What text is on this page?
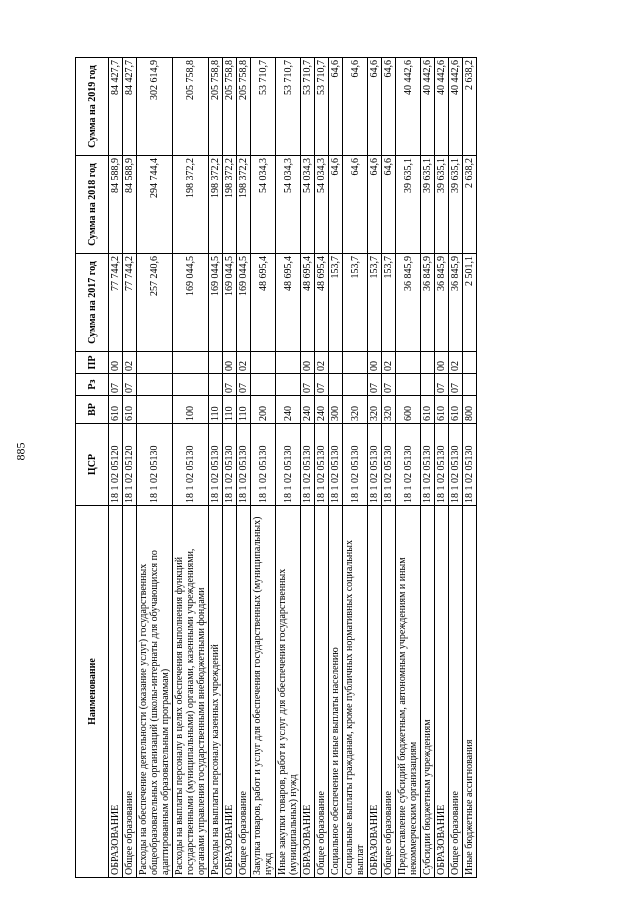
885
Наименование	ЦСР	ВР	Рз	ПР	Сумма на 2017 год	Сумма на 2018 год	Сумма на 2019 год
ОБРАЗОВАНИЕ	18 1 02 05120	610	07	00	77 744,2	84 588,9	84 427,7
Общее образование	18 1 02 05120	610	07	02	77 744,2	84 588,9	84 427,7
Расходы на обеспечение деятельности (оказание услуг) государственных общеобразовательных организаций (школы-интернаты для обучающихся по адаптированным образовательным программам)	18 1 02 05130				257 240,6	294 744,4	302 614,9
Расходы на выплаты персоналу в целях обеспечения выполнения функций государственными (муниципальными) органами, казенными учреждениями, органами управления государственными внебюджетными фондами	18 1 02 05130	100			169 044,5	198 372,2	205 758,8
Расходы на выплаты персоналу казенных учреждений	18 1 02 05130	110			169 044,5	198 372,2	205 758,8
ОБРАЗОВАНИЕ	18 1 02 05130	110	07	00	169 044,5	198 372,2	205 758,8
Общее образование	18 1 02 05130	110	07	02	169 044,5	198 372,2	205 758,8
Закупка товаров, работ и услуг для обеспечения государственных (муниципальных) нужд	18 1 02 05130	200			48 695,4	54 034,3	53 710,7
Иные закупки товаров, работ и услуг для обеспечения государственных (муниципальных) нужд	18 1 02 05130	240			48 695,4	54 034,3	53 710,7
ОБРАЗОВАНИЕ	18 1 02 05130	240	07	00	48 695,4	54 034,3	53 710,7
Общее образование	18 1 02 05130	240	07	02	48 695,4	54 034,3	53 710,7
Социальное обеспечение и иные выплаты населению	18 1 02 05130	300			153,7	64,6	64,6
Социальные выплаты гражданам, кроме публичных нормативных социальных выплат	18 1 02 05130	320			153,7	64,6	64,6
ОБРАЗОВАНИЕ	18 1 02 05130	320	07	00	153,7	64,6	64,6
Общее образование	18 1 02 05130	320	07	02	153,7	64,6	64,6
Предоставление субсидий бюджетным, автономным учреждениям и иным некоммерческим организациям	18 1 02 05130	600			36 845,9	39 635,1	40 442,6
Субсидии бюджетным учреждениям	18 1 02 05130	610			36 845,9	39 635,1	40 442,6
ОБРАЗОВАНИЕ	18 1 02 05130	610	07	00	36 845,9	39 635,1	40 442,6
Общее образование	18 1 02 05130	610	07	02	36 845,9	39 635,1	40 442,6
Иные бюджетные ассигнования	18 1 02 05130	800			2 501,1	2 638,2	2 638,2
